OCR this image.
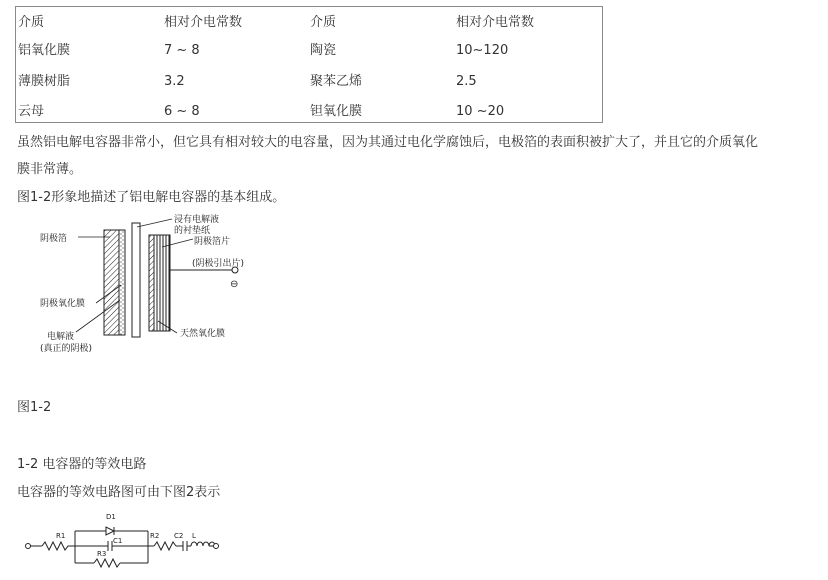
介质	相对介电常数	介质	相对介电常数
铝氧化膜	7 ~ 8	陶瓷	10~120
薄膜树脂	3.2	聚苯乙烯	2.5
云母	6 ~ 8	钽氧化膜	10 ~20
虽然铝电解电容器非常小，但它具有相对较大的电容量，因为其通过电化学腐蚀后，电极箔的表面积被扩大了，并且它的介质氧化
膜非常薄。
图1-2形象地描述了铝电解电容器的基本组成。
阴极箔
阴极氧化膜
电解液
(真正的阴极)
浸有电解液
的衬垫纸
阴极箔片
(阴极引出片)
⊖
天然氧化膜
图1-2
1-2 电容器的等效电路
电容器的等效电路图可由下图2表示
R1
D1
C1
R3
R2 C2 L
